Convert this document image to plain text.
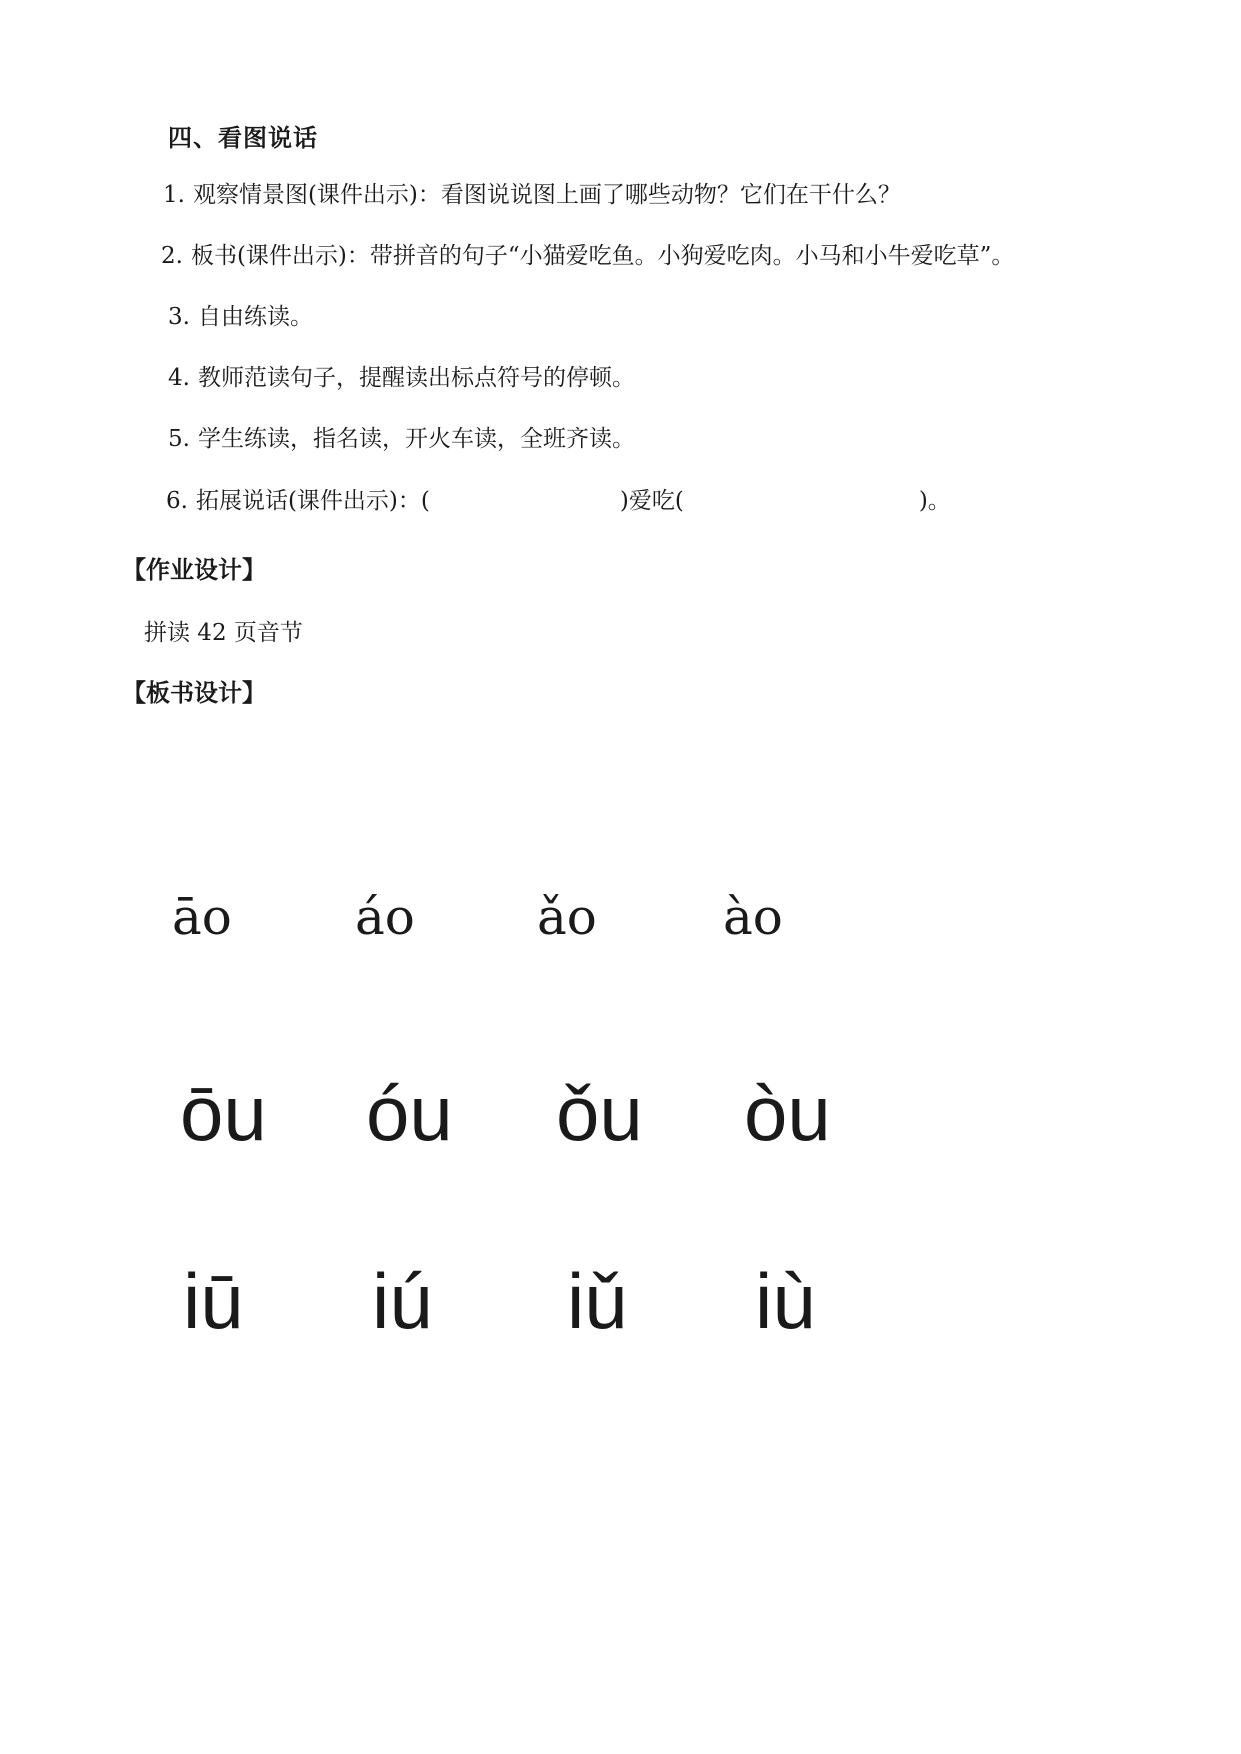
四、看图说话
1. 观察情景图(课件出示)：看图说说图上画了哪些动物？它们在干什么？
2. 板书(课件出示)：带拼音的句子“小猫爱吃鱼。小狗爱吃肉。小马和小牛爱吃草”。
3. 自由练读。
4. 教师范读句子，提醒读出标点符号的停顿。
5. 学生练读，指名读，开火车读，全班齐读。
6. 拓展说话(课件出示)：(	)爱吃(	)。
【作业设计】
拼读 42 页音节
【板书设计】
āo áo ǎo	ào
ōu óu ǒu òu
iū iú iǔ iù
